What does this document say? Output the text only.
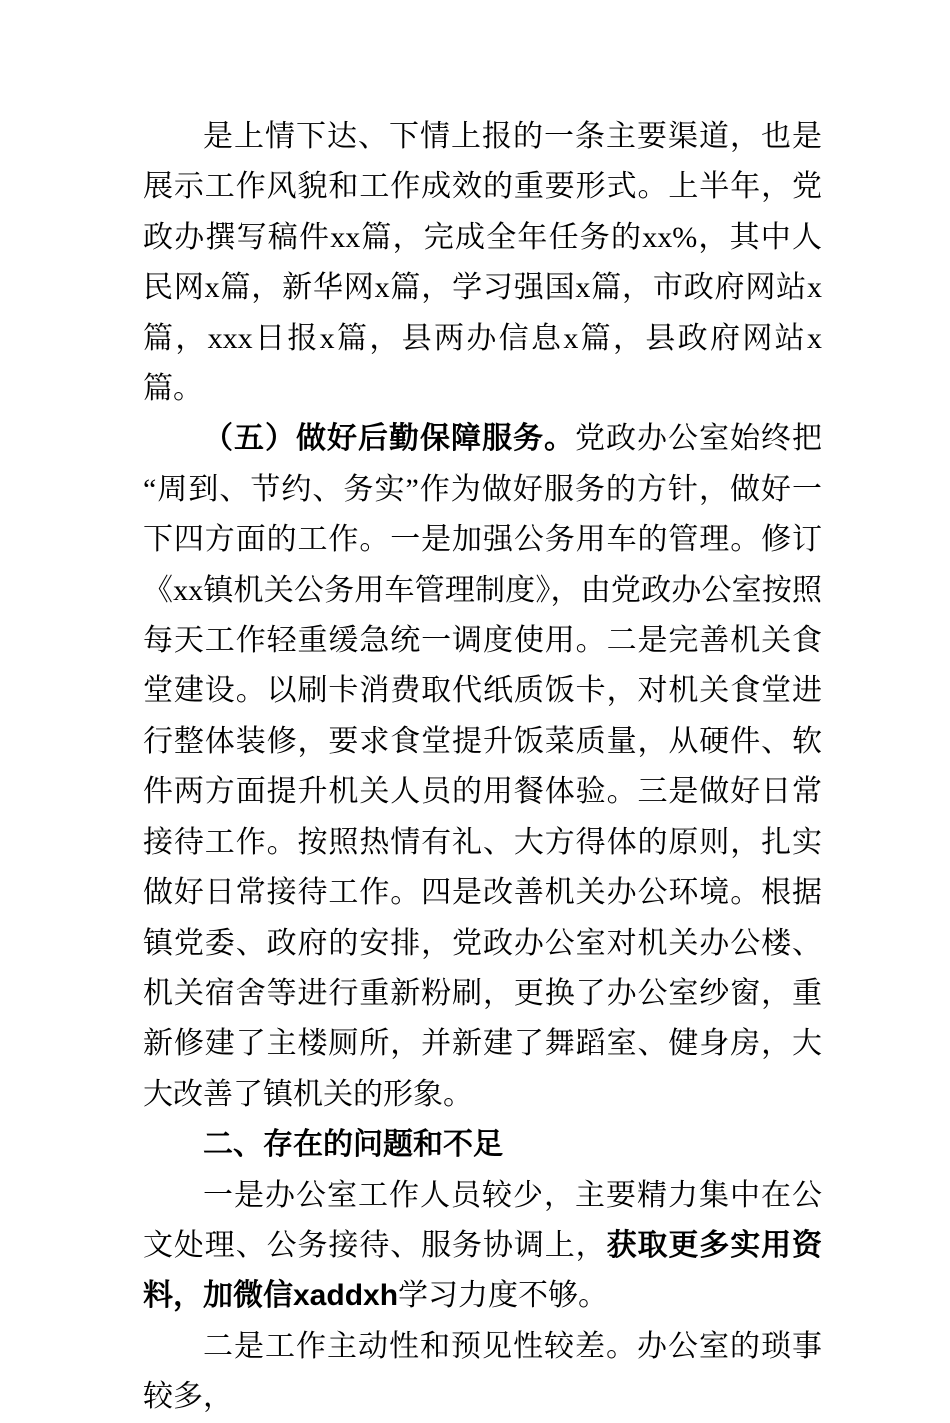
是上情下达、下情上报的一条主要渠道，也是展示工作风貌和工作成效的重要形式。上半年，党政办撰写稿件xx篇，完成全年任务的xx%，其中人民网x篇，新华网x篇，学习强国x篇，市政府网站x篇，xxx日报x篇，县两办信息x篇，县政府网站x篇。

（五）做好后勤保障服务。党政办公室始终把“周到、节约、务实”作为做好服务的方针，做好一下四方面的工作。一是加强公务用车的管理。修订《xx镇机关公务用车管理制度》，由党政办公室按照每天工作轻重缓急统一调度使用。二是完善机关食堂建设。以刷卡消费取代纸质饭卡，对机关食堂进行整体装修，要求食堂提升饭菜质量，从硬件、软件两方面提升机关人员的用餐体验。三是做好日常接待工作。按照热情有礼、大方得体的原则，扎实做好日常接待工作。四是改善机关办公环境。根据镇党委、政府的安排，党政办公室对机关办公楼、机关宿舍等进行重新粉刷，更换了办公室纱窗，重新修建了主楼厕所，并新建了舞蹈室、健身房，大大改善了镇机关的形象。

二、存在的问题和不足

一是办公室工作人员较少，主要精力集中在公文处理、公务接待、服务协调上，获取更多实用资料，加微信xaddxh学习力度不够。

二是工作主动性和预见性较差。办公室的琐事较多，
